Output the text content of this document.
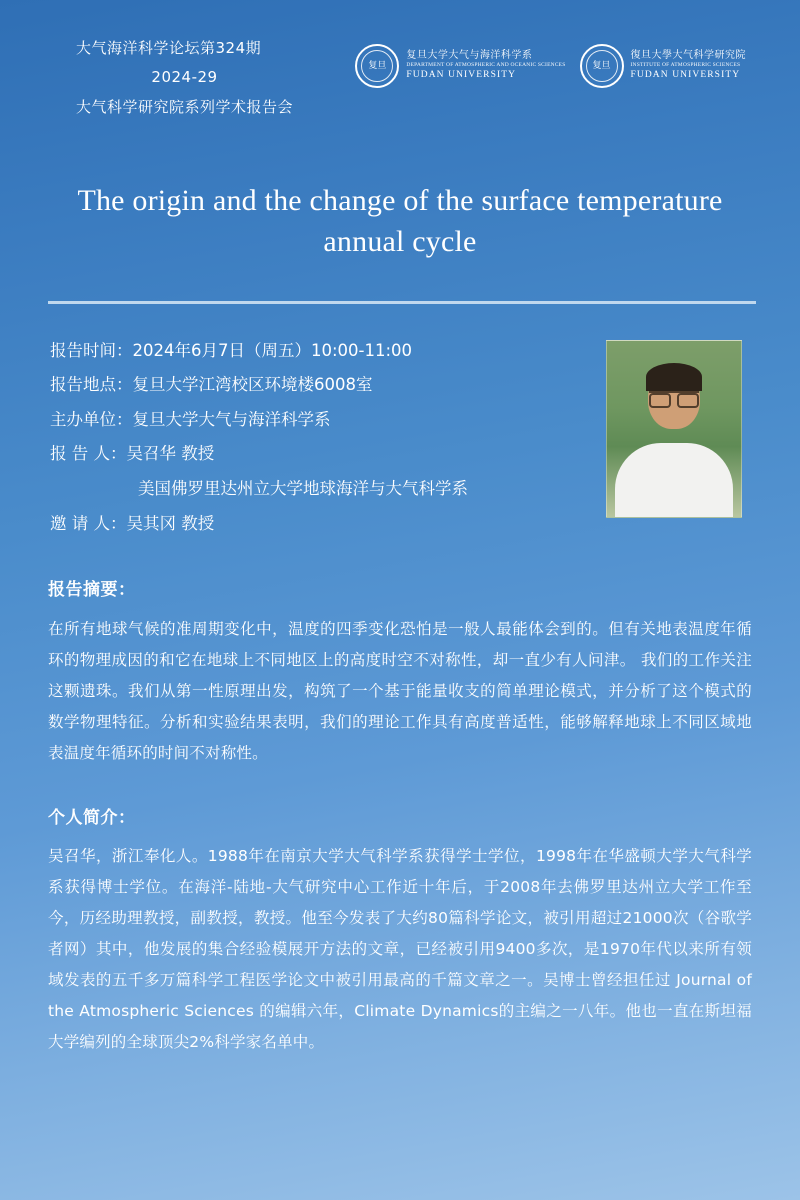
大气海洋科学论坛第324期
2024-29
大气科学研究院系列学术报告会
复旦
复旦大学大气与海洋科学系
DEPARTMENT OF ATMOSPHERIC AND OCEANIC SCIENCES
FUDAN UNIVERSITY
复旦
復旦大學大气科学研究院
INSTITUTE OF ATMOSPHERIC SCIENCES
FUDAN UNIVERSITY
The origin and the change of the surface temperature annual cycle
报告时间： 2024年6月7日（周五）10:00-11:00
报告地点： 复旦大学江湾校区环境楼6008室
主办单位： 复旦大学大气与海洋科学系
报 告 人： 吴召华 教授
美国佛罗里达州立大学地球海洋与大气科学系
邀 请 人： 吴其冈 教授
报告摘要：
在所有地球气候的准周期变化中，温度的四季变化恐怕是一般人最能体会到的。但有关地表温度年循环的物理成因的和它在地球上不同地区上的高度时空不对称性，却一直少有人问津。 我们的工作关注这颗遗珠。我们从第一性原理出发，构筑了一个基于能量收支的简单理论模式，并分析了这个模式的数学物理特征。分析和实验结果表明，我们的理论工作具有高度普适性，能够解释地球上不同区域地表温度年循环的时间不对称性。
个人简介：
吴召华，浙江奉化人。1988年在南京大学大气科学系获得学士学位，1998年在华盛顿大学大气科学系获得博士学位。在海洋-陆地-大气研究中心工作近十年后，于2008年去佛罗里达州立大学工作至今，历经助理教授，副教授，教授。他至今发表了大约80篇科学论文，被引用超过21000次（谷歌学者网）其中，他发展的集合经验模展开方法的文章，已经被引用9400多次，是1970年代以来所有领域发表的五千多万篇科学工程医学论文中被引用最高的千篇文章之一。吴博士曾经担任过 Journal of the Atmospheric Sciences 的编辑六年，Climate Dynamics的主编之一八年。他也一直在斯坦福大学编列的全球顶尖2%科学家名单中。
